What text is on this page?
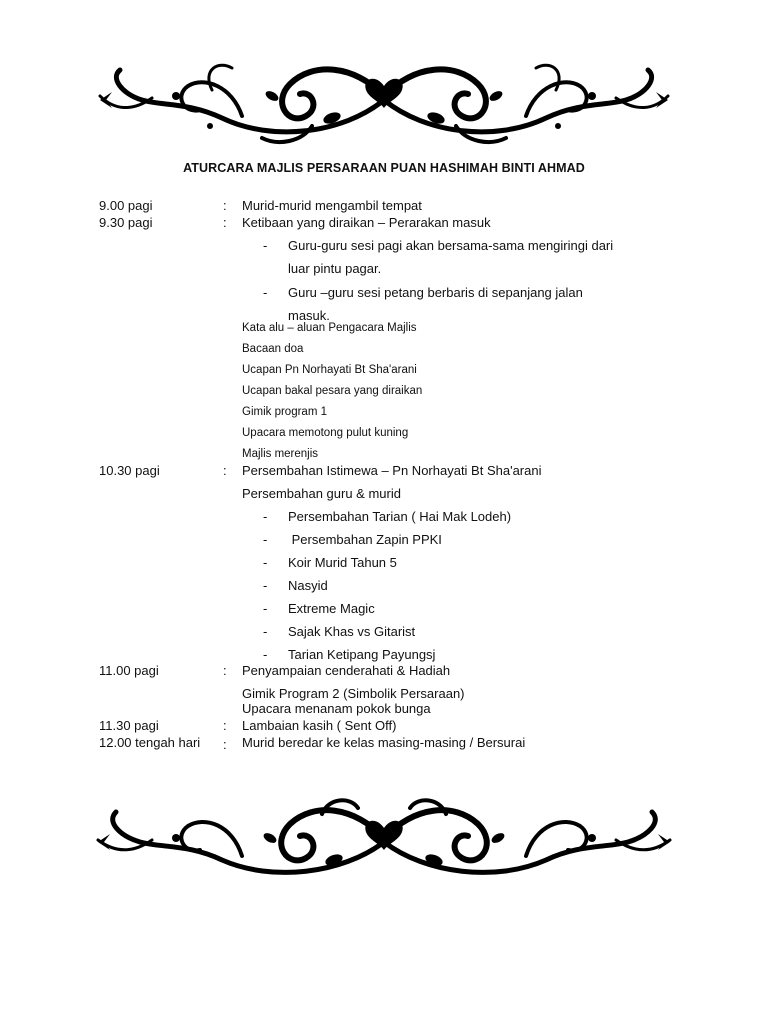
ATURCARA MAJLIS PERSARAAN PUAN HASHIMAH BINTI AHMAD
9.00 pagi	: Murid-murid mengambil tempat
9.30 pagi	: Ketibaan yang diraikan – Perarakan masuk
- Guru-guru sesi pagi akan bersama-sama mengiringi dari
luar pintu pagar.
- Guru –guru sesi petang berbaris di sepanjang jalan
masuk.
Kata alu – aluan Pengacara Majlis
Bacaan doa
Ucapan Pn Norhayati Bt Sha'arani
Ucapan bakal pesara yang diraikan
Gimik program 1
Upacara memotong pulut kuning
Majlis merenjis
10.30 pagi	: Persembahan Istimewa – Pn Norhayati Bt Sha'arani
Persembahan guru & murid
- Persembahan Tarian ( Hai Mak Lodeh)
- Persembahan Zapin PPKI
- Koir Murid Tahun 5
- Nasyid
- Extreme Magic
- Sajak Khas vs Gitarist
- Tarian Ketipang Payungsj
11.00 pagi	: Penyampaian cenderahati & Hadiah
Gimik Program 2 (Simbolik Persaraan)
Upacara menanam pokok bunga
11.30 pagi	: Lambaian kasih ( Sent Off)
12.00 tengah hari : Murid beredar ke kelas masing-masing / Bersurai
